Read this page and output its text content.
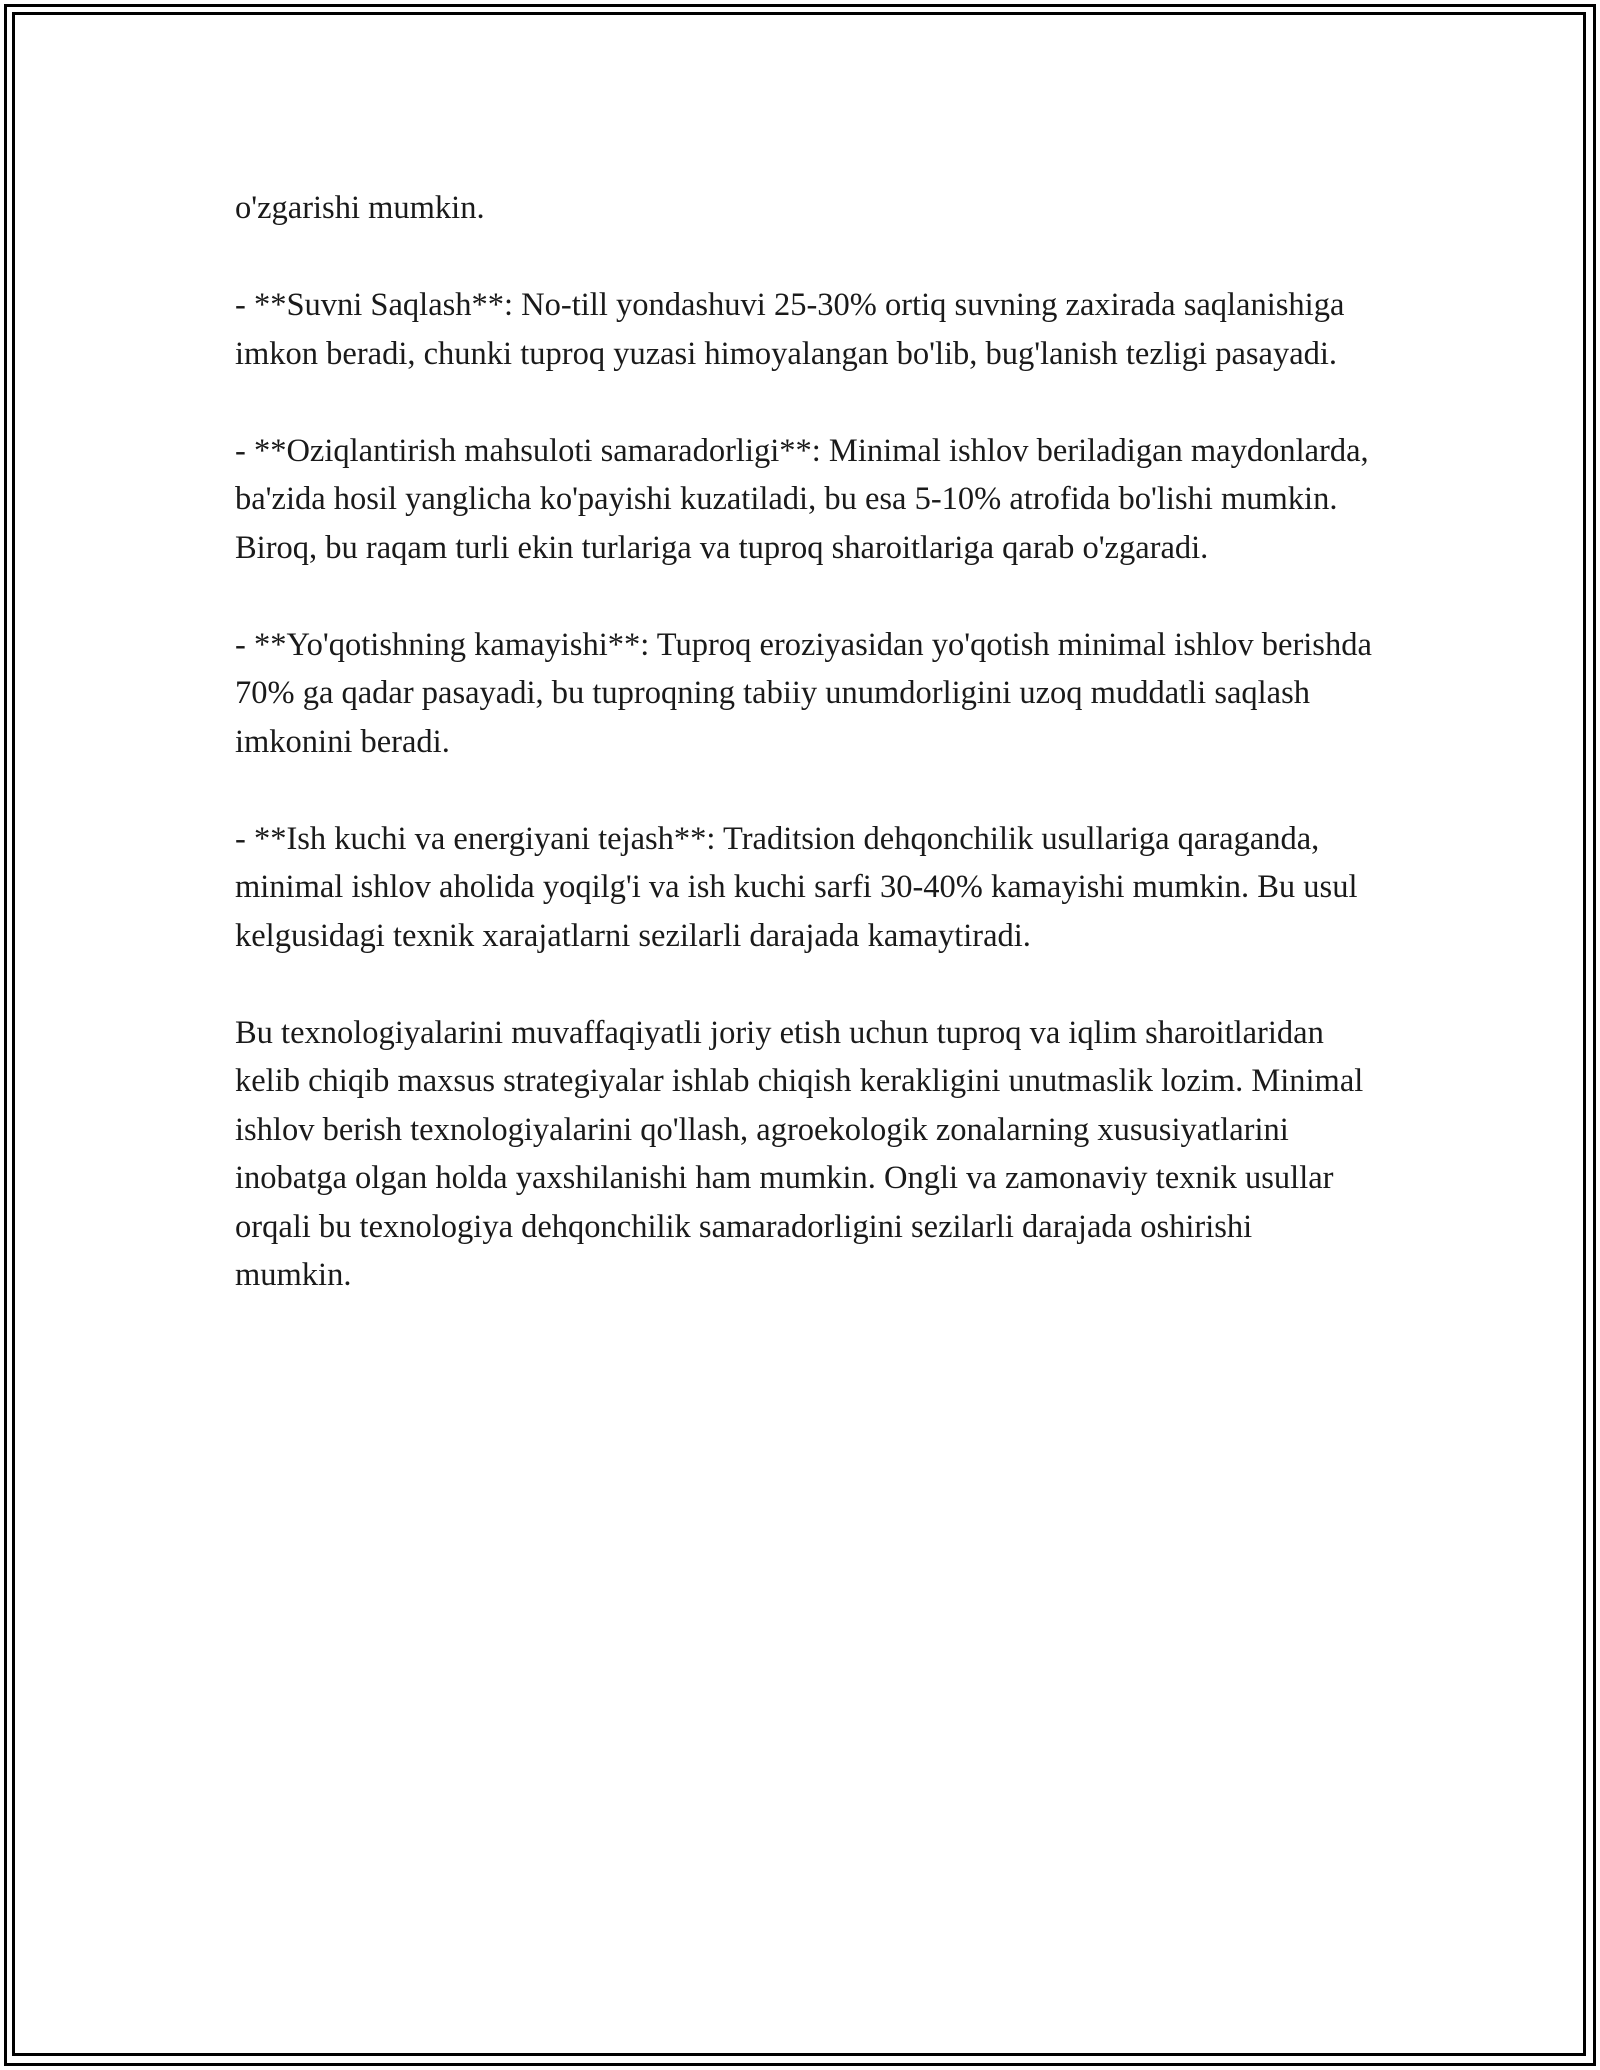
o'zgarishi mumkin.

- **Suvni Saqlash**: No-till yondashuvi 25-30% ortiq suvning zaxirada saqlanishiga imkon beradi, chunki tuproq yuzasi himoyalangan bo'lib, bug'lanish tezligi pasayadi.

- **Oziqlantirish mahsuloti samaradorligi**: Minimal ishlov beriladigan maydonlarda, ba'zida hosil yanglicha ko'payishi kuzatiladi, bu esa 5-10% atrofida bo'lishi mumkin. Biroq, bu raqam turli ekin turlariga va tuproq sharoitlariga qarab o'zgaradi.

- **Yo'qotishning kamayishi**: Tuproq eroziyasidan yo'qotish minimal ishlov berishda 70% ga qadar pasayadi, bu tuproqning tabiiy unumdorligini uzoq muddatli saqlash imkonini beradi.

- **Ish kuchi va energiyani tejash**: Traditsion dehqonchilik usullariga qaraganda, minimal ishlov aholida yoqilg'i va ish kuchi sarfi 30-40% kamayishi mumkin. Bu usul kelgusidagi texnik xarajatlarni sezilarli darajada kamaytiradi.

Bu texnologiyalarini muvaffaqiyatli joriy etish uchun tuproq va iqlim sharoitlaridan kelib chiqib maxsus strategiyalar ishlab chiqish kerakligini unutmaslik lozim. Minimal ishlov berish texnologiyalarini qo'llash, agroekologik zonalarning xususiyatlarini inobatga olgan holda yaxshilanishi ham mumkin. Ongli va zamonaviy texnik usullar orqali bu texnologiya dehqonchilik samaradorligini sezilarli darajada oshirishi mumkin.
